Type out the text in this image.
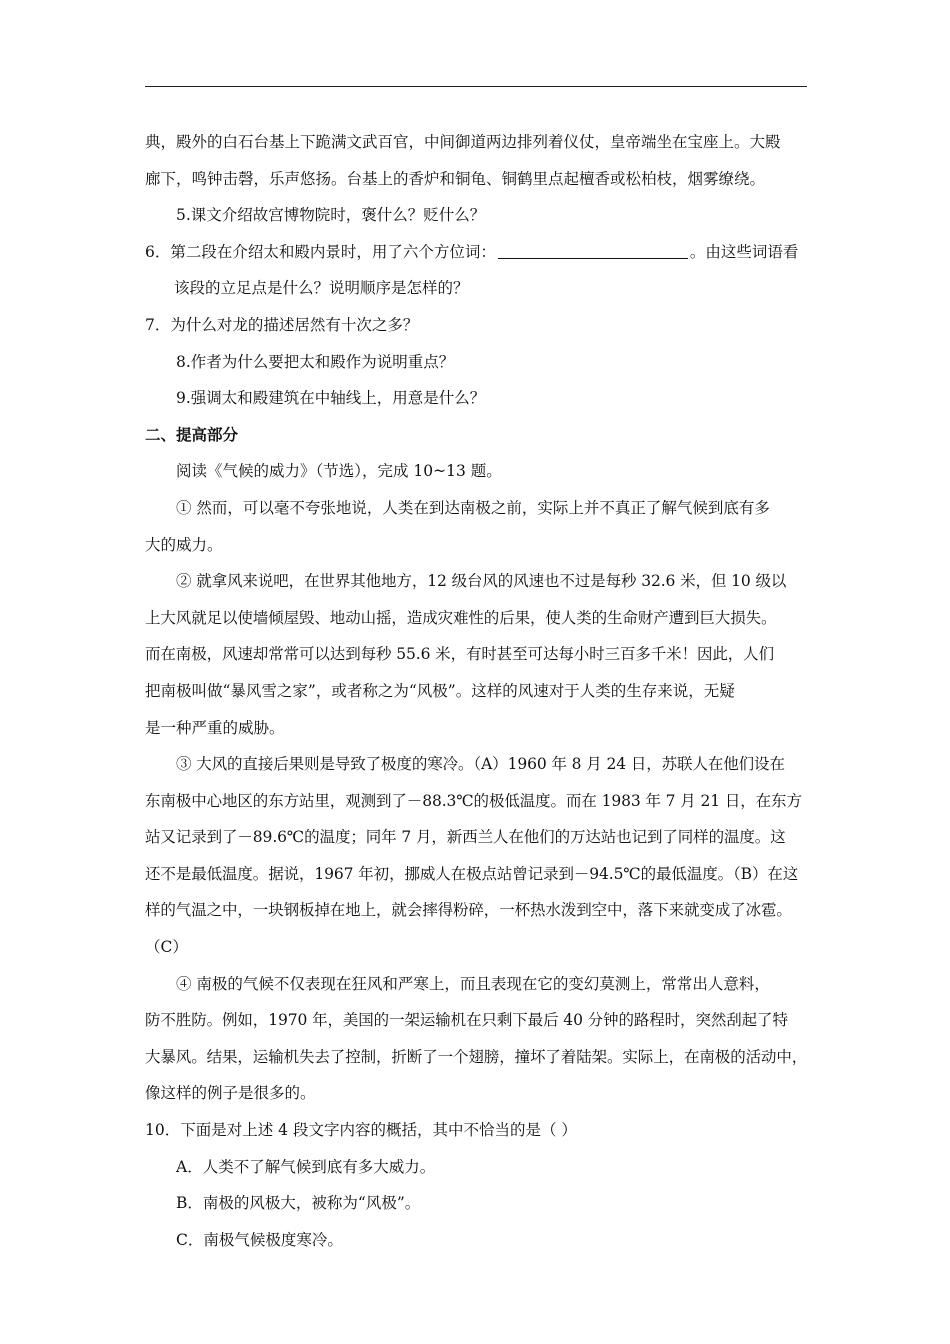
典，殿外的白石台基上下跪满文武百官，中间御道两边排列着仪仗，皇帝端坐在宝座上。大殿
廊下，鸣钟击磬，乐声悠扬。台基上的香炉和铜龟、铜鹤里点起檀香或松柏枝，烟雾缭绕。
5.课文介绍故宫博物院时，褒什么？贬什么？
6．第二段在介绍太和殿内景时，用了六个方位词：	。由这些词语看
该段的立足点是什么？说明顺序是怎样的？
7．为什么对龙的描述居然有十次之多？
8.作者为什么要把太和殿作为说明重点？
9.强调太和殿建筑在中轴线上，用意是什么？
二、提高部分
阅读《气候的威力》（节选），完成 10~13 题。
① 然而，可以毫不夸张地说，人类在到达南极之前，实际上并不真正了解气候到底有多
大的威力。
② 就拿风来说吧，在世界其他地方，12 级台风的风速也不过是每秒 32.6 米，但 10 级以
上大风就足以使墙倾屋毁、地动山摇，造成灾难性的后果，使人类的生命财产遭到巨大损失。
而在南极，风速却常常可以达到每秒 55.6 米，有时甚至可达每小时三百多千米！因此，人们
把南极叫做“暴风雪之家”，或者称之为“风极”。这样的风速对于人类的生存来说，无疑
是一种严重的威胁。
③ 大风的直接后果则是导致了极度的寒冷。（A）1960 年 8 月 24 日，苏联人在他们设在
东南极中心地区的东方站里，观测到了－88.3℃的极低温度。而在 1983 年 7 月 21 日，在东方
站又记录到了－89.6℃的温度；同年 7 月，新西兰人在他们的万达站也记到了同样的温度。这
还不是最低温度。据说，1967 年初，挪威人在极点站曾记录到－94.5℃的最低温度。（B）在这
样的气温之中，一块钢板掉在地上，就会摔得粉碎，一杯热水泼到空中，落下来就变成了冰雹。
（C）
④ 南极的气候不仅表现在狂风和严寒上，而且表现在它的变幻莫测上，常常出人意料，
防不胜防。例如，1970 年，美国的一架运输机在只剩下最后 40 分钟的路程时，突然刮起了特
大暴风。结果，运输机失去了控制，折断了一个翅膀，撞坏了着陆架。实际上，在南极的活动中，
像这样的例子是很多的。
10．下面是对上述 4 段文字内容的概括，其中不恰当的是（ ）
A．人类不了解气候到底有多大威力。
B．南极的风极大，被称为“风极”。
C．南极气候极度寒冷。
